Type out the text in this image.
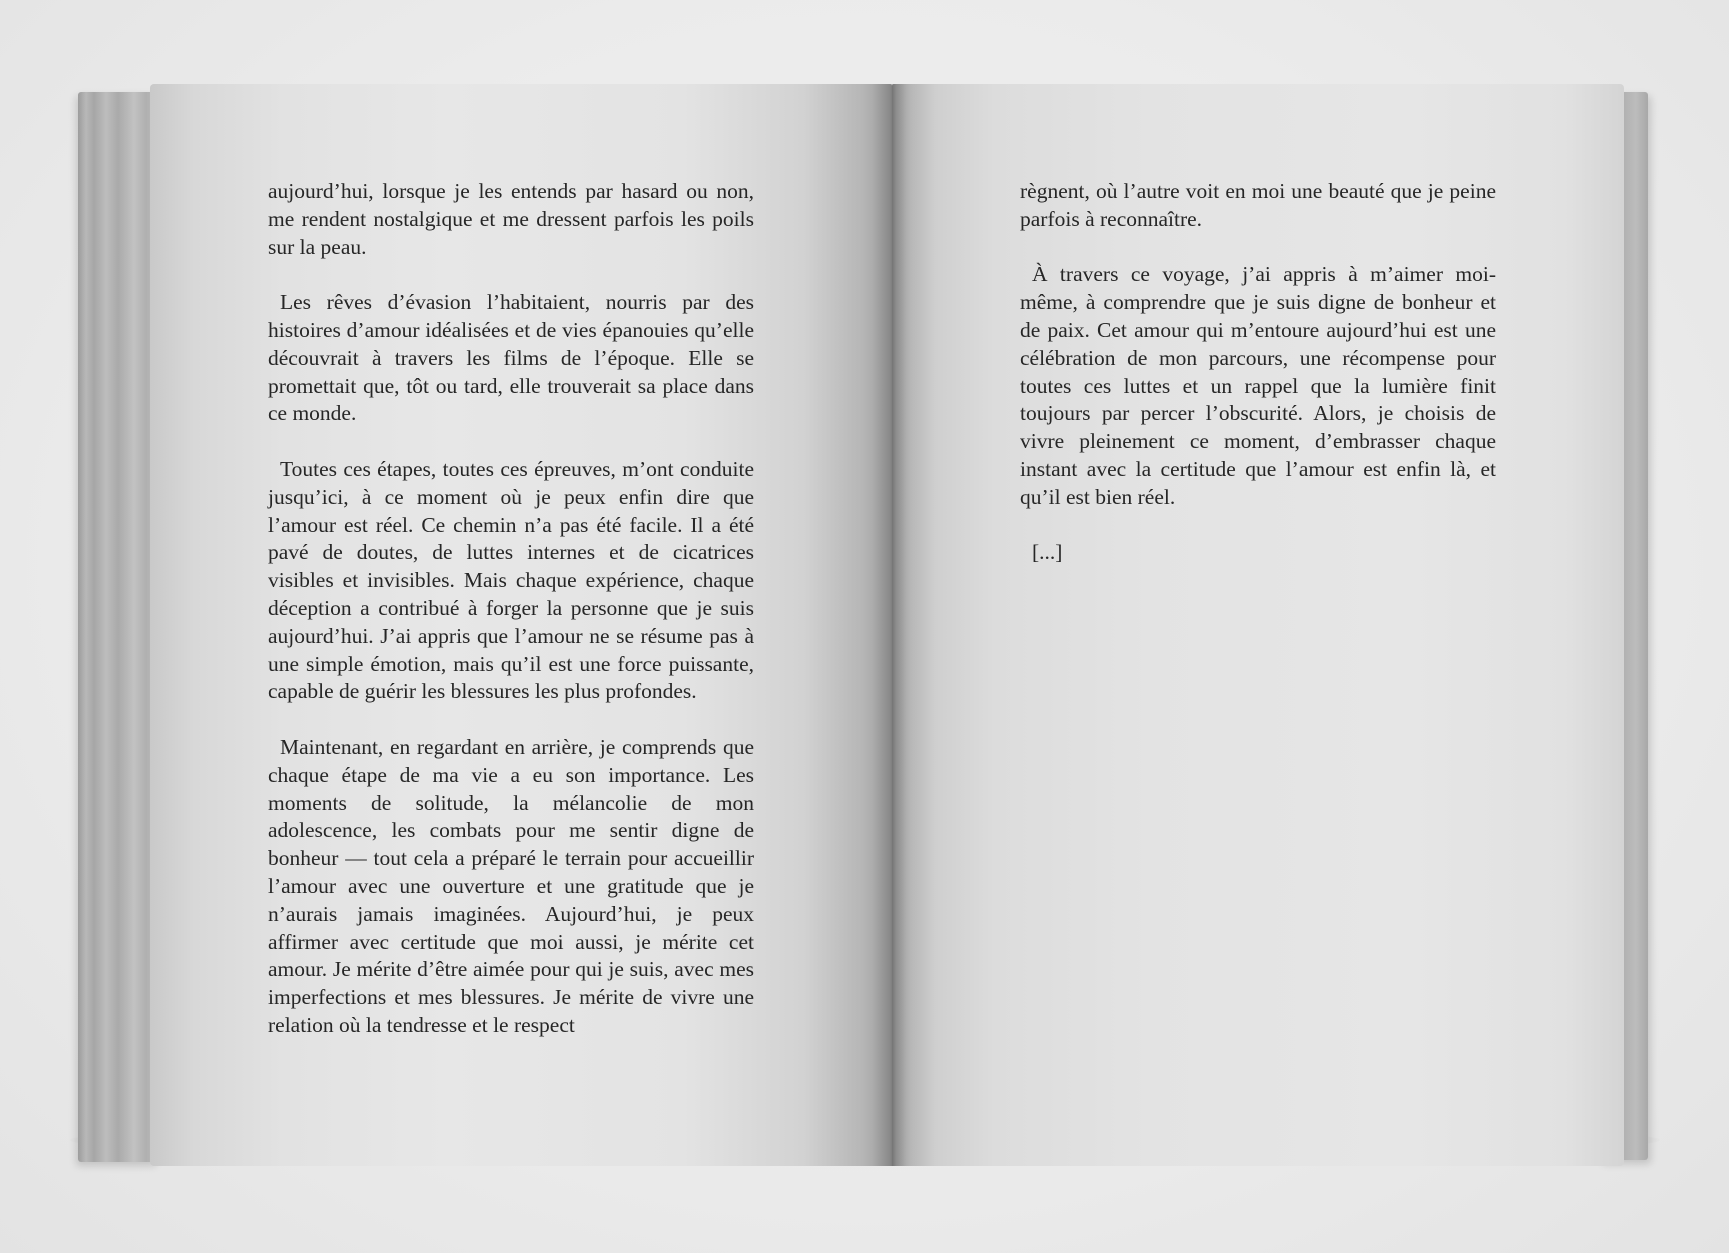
aujourd’hui, lorsque je les entends par hasard ou non, me rendent nostalgique et me dressent parfois les poils sur la peau.

Les rêves d’évasion l’habitaient, nourris par des histoires d’amour idéalisées et de vies épanouies qu’elle découvrait à travers les films de l’époque. Elle se promettait que, tôt ou tard, elle trouverait sa place dans ce monde.

Toutes ces étapes, toutes ces épreuves, m’ont conduite jusqu’ici, à ce moment où je peux enfin dire que l’amour est réel. Ce chemin n’a pas été facile. Il a été pavé de doutes, de luttes internes et de cicatrices visibles et invisibles. Mais chaque expérience, chaque déception a contribué à forger la personne que je suis aujourd’hui. J’ai appris que l’amour ne se résume pas à une simple émotion, mais qu’il est une force puissante, capable de guérir les blessures les plus profondes.

Maintenant, en regardant en arrière, je comprends que chaque étape de ma vie a eu son importance. Les moments de solitude, la mélancolie de mon adolescence, les combats pour me sentir digne de bonheur — tout cela a préparé le terrain pour accueillir l’amour avec une ouverture et une gratitude que je n’aurais jamais imaginées. Aujourd’hui, je peux affirmer avec certitude que moi aussi, je mérite cet amour. Je mérite d’être aimée pour qui je suis, avec mes imperfections et mes blessures. Je mérite de vivre une relation où la tendresse et le respect

règnent, où l’autre voit en moi une beauté que je peine parfois à reconnaître.

À travers ce voyage, j’ai appris à m’aimer moi-même, à comprendre que je suis digne de bonheur et de paix. Cet amour qui m’entoure aujourd’hui est une célébration de mon parcours, une récompense pour toutes ces luttes et un rappel que la lumière finit toujours par percer l’obscurité. Alors, je choisis de vivre pleinement ce moment, d’embrasser chaque instant avec la certitude que l’amour est enfin là, et qu’il est bien réel.

[...]
